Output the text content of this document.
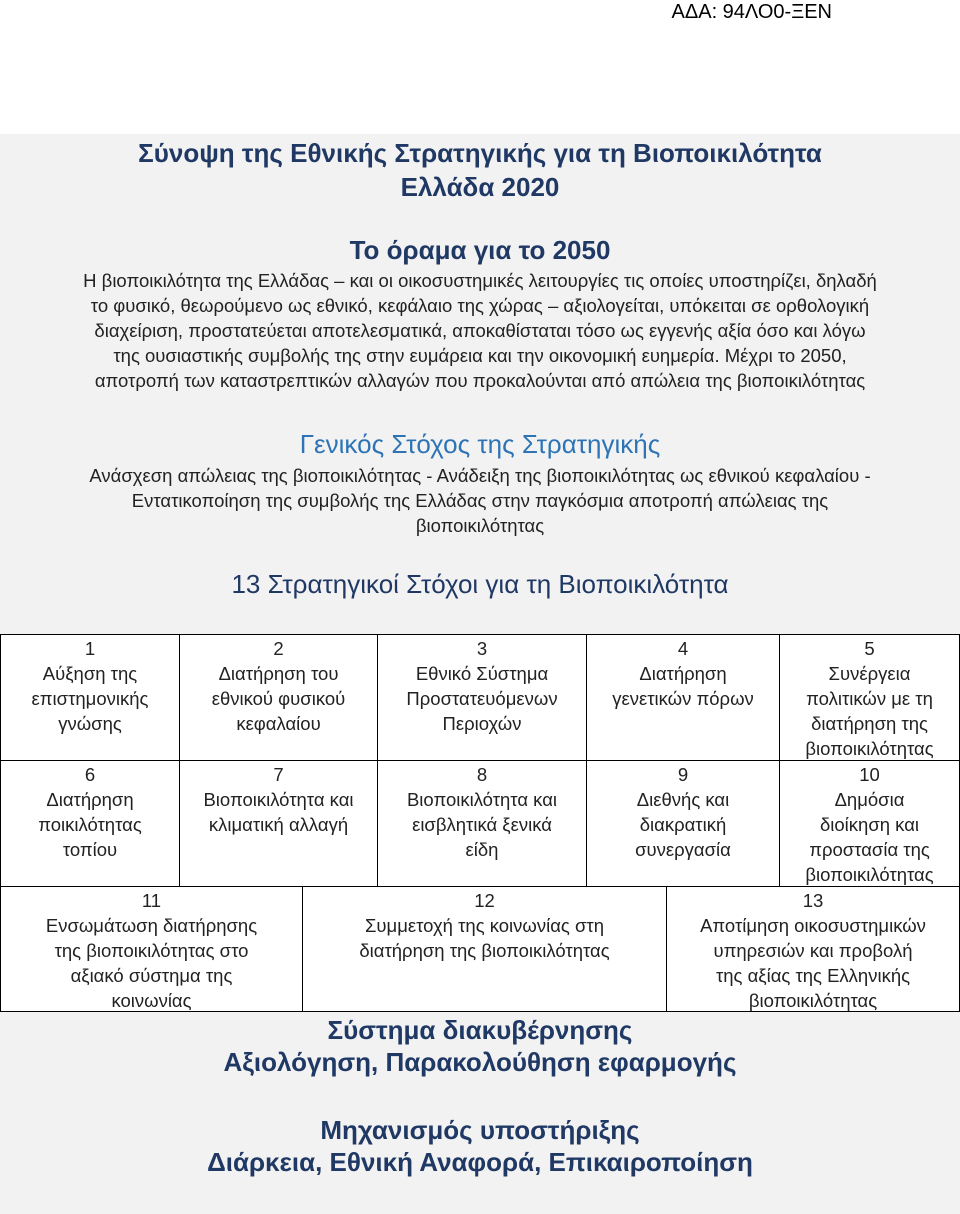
ΑΔΑ: 94ΛΟ0-ΞΕΝ
Σύνοψη της Εθνικής Στρατηγικής για τη Βιοποικιλότητα
Ελλάδα 2020
Το όραμα για το 2050
Η βιοποικιλότητα της Ελλάδας – και οι οικοσυστημικές λειτουργίες τις οποίες υποστηρίζει, δηλαδή
το φυσικό, θεωρούμενο ως εθνικό, κεφάλαιο της χώρας – αξιολογείται, υπόκειται σε ορθολογική
διαχείριση, προστατεύεται αποτελεσματικά, αποκαθίσταται τόσο ως εγγενής αξία όσο και λόγω
της ουσιαστικής συμβολής της στην ευμάρεια και την οικονομική ευημερία. Μέχρι το 2050,
αποτροπή των καταστρεπτικών αλλαγών που προκαλούνται από απώλεια της βιοποικιλότητας
Γενικός Στόχος της Στρατηγικής
Ανάσχεση απώλειας της βιοποικιλότητας - Ανάδειξη της βιοποικιλότητας ως εθνικού κεφαλαίου -
Εντατικοποίηση της συμβολής της Ελλάδας στην παγκόσμια αποτροπή απώλειας της
βιοποικιλότητας
13 Στρατηγικοί Στόχοι για τη Βιοποικιλότητα
1
Αύξηση της
επιστημονικής
γνώσης
2
Διατήρηση του
εθνικού φυσικού
κεφαλαίου
3
Εθνικό Σύστημα
Προστατευόμενων
Περιοχών
4
Διατήρηση
γενετικών πόρων
5
Συνέργεια
πολιτικών με τη
διατήρηση της
βιοποικιλότητας
6
Διατήρηση
ποικιλότητας
τοπίου
7
Βιοποικιλότητα και
κλιματική αλλαγή
8
Βιοποικιλότητα και
εισβλητικά ξενικά
είδη
9
Διεθνής και
διακρατική
συνεργασία
10
Δημόσια
διοίκηση και
προστασία της
βιοποικιλότητας
11
Ενσωμάτωση διατήρησης
της βιοποικιλότητας στο
αξιακό σύστημα της
κοινωνίας
12
Συμμετοχή της κοινωνίας στη
διατήρηση της βιοποικιλότητας
13
Αποτίμηση οικοσυστημικών
υπηρεσιών και προβολή
της αξίας της Ελληνικής
βιοποικιλότητας
Σύστημα διακυβέρνησης
Αξιολόγηση, Παρακολούθηση εφαρμογής
Μηχανισμός υποστήριξης
Διάρκεια, Εθνική Αναφορά, Επικαιροποίηση
